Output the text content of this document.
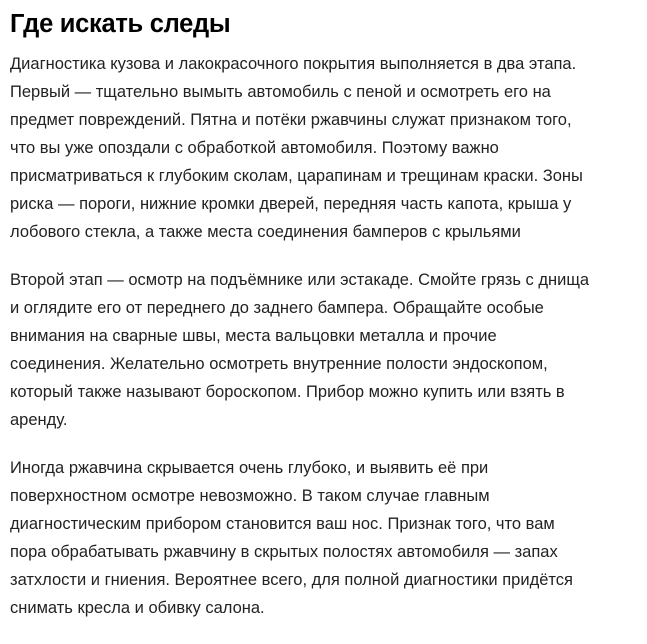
Где искать следы

Диагностика кузова и лакокрасочного покрытия выполняется в два этапа.
Первый — тщательно вымыть автомобиль с пеной и осмотреть его на
предмет повреждений. Пятна и потёки ржавчины служат признаком того,
что вы уже опоздали с обработкой автомобиля. Поэтому важно
присматриваться к глубоким сколам, царапинам и трещинам краски. Зоны
риска — пороги, нижние кромки дверей, передняя часть капота, крыша у
лобового стекла, а также места соединения бамперов с крыльями

Второй этап — осмотр на подъёмнике или эстакаде. Смойте грязь с днища
и оглядите его от переднего до заднего бампера. Обращайте особые
внимания на сварные швы, места вальцовки металла и прочие
соединения. Желательно осмотреть внутренние полости эндоскопом,
который также называют бороскопом. Прибор можно купить или взять в
аренду.

Иногда ржавчина скрывается очень глубоко, и выявить её при
поверхностном осмотре невозможно. В таком случае главным
диагностическим прибором становится ваш нос. Признак того, что вам
пора обрабатывать ржавчину в скрытых полостях автомобиля — запах
затхлости и гниения. Вероятнее всего, для полной диагностики придётся
снимать кресла и обивку салона.
